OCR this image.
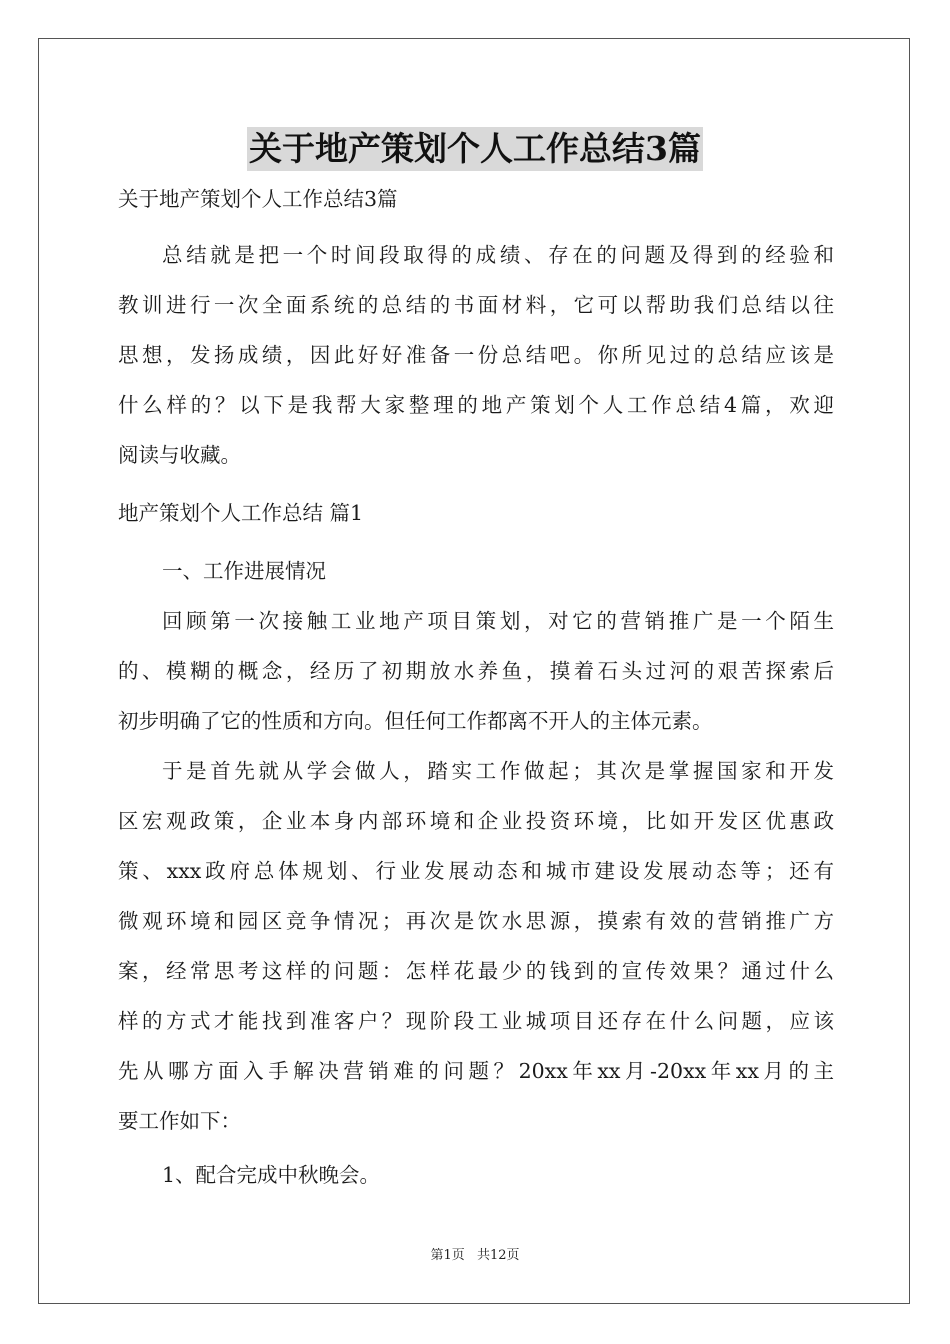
关于地产策划个人工作总结3篇
关于地产策划个人工作总结3篇
总结就是把一个时间段取得的成绩、存在的问题及得到的经验和
教训进行一次全面系统的总结的书面材料，它可以帮助我们总结以往
思想，发扬成绩，因此好好准备一份总结吧。你所见过的总结应该是
什么样的？以下是我帮大家整理的地产策划个人工作总结4篇，欢迎
阅读与收藏。
地产策划个人工作总结 篇1
一、工作进展情况
回顾第一次接触工业地产项目策划，对它的营销推广是一个陌生
的、模糊的概念，经历了初期放水养鱼，摸着石头过河的艰苦探索后
初步明确了它的性质和方向。但任何工作都离不开人的主体元素。
于是首先就从学会做人，踏实工作做起；其次是掌握国家和开发
区宏观政策，企业本身内部环境和企业投资环境，比如开发区优惠政
策、xxx政府总体规划、行业发展动态和城市建设发展动态等；还有
微观环境和园区竞争情况；再次是饮水思源，摸索有效的营销推广方
案，经常思考这样的问题：怎样花最少的钱到的宣传效果？通过什么
样的方式才能找到准客户？现阶段工业城项目还存在什么问题，应该
先从哪方面入手解决营销难的问题？20xx年xx月-20xx年xx月的主
要工作如下：
1、配合完成中秋晚会。
第1页 共12页
